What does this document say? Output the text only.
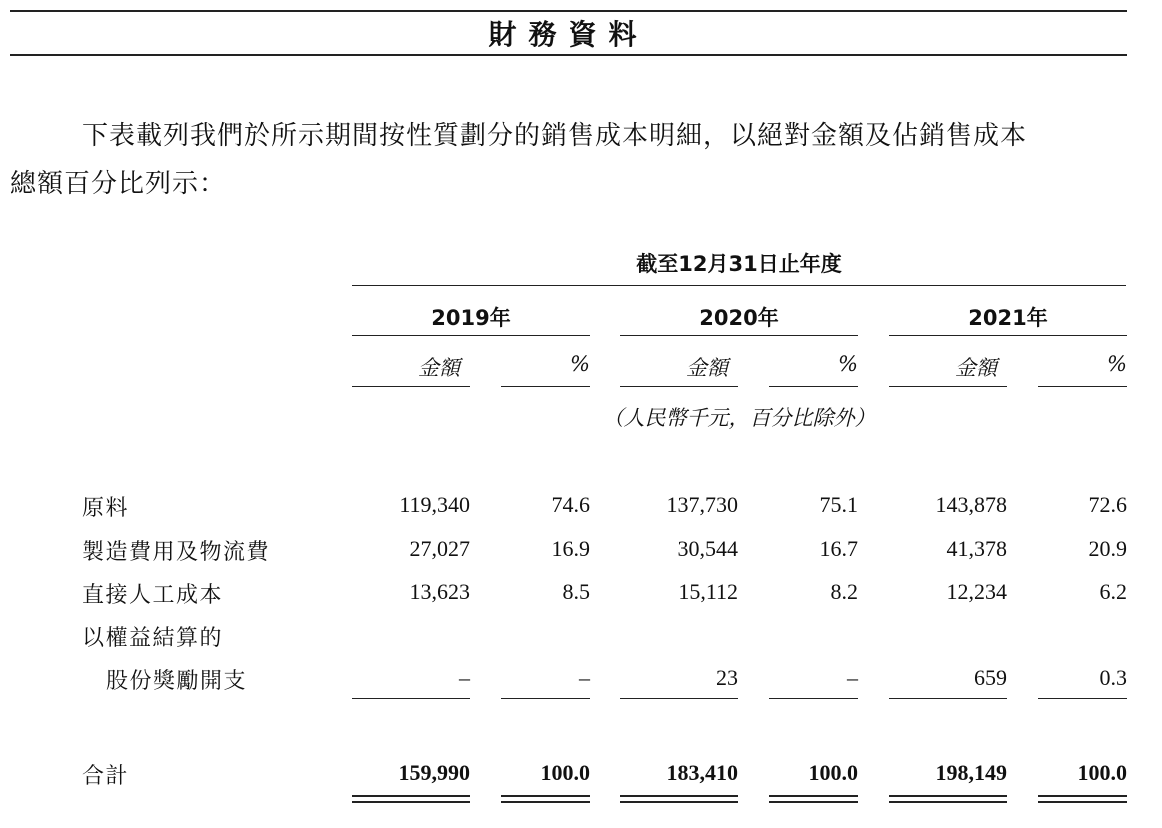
財務資料
下表載列我們於所示期間按性質劃分的銷售成本明細，以絕對金額及佔銷售成本
總額百分比列示：
截至12月31日止年度
2019年	2020年	2021年
金額	%	金額	%	金額	%
（人民幣千元，百分比除外）
原料	119,340	74.6	137,730	75.1	143,878	72.6
製造費用及物流費	27,027	16.9	30,544	16.7	41,378	20.9
直接人工成本	13,623	8.5	15,112	8.2	12,234	6.2
以權益結算的
股份獎勵開支	–	–	23	–	659	0.3
合計	159,990	100.0	183,410	100.0	198,149	100.0
